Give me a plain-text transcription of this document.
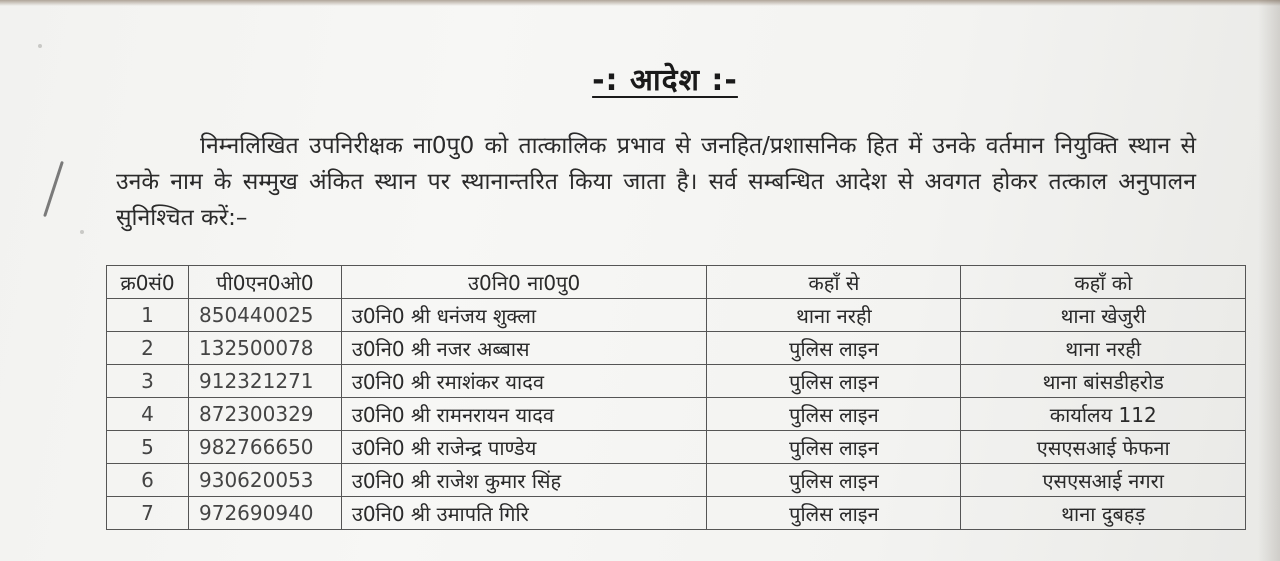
-: आदेश :-
निम्नलिखित उपनिरीक्षक ना0पु0 को तात्कालिक प्रभाव से जनहित/प्रशासनिक हित में उनके वर्तमान नियुक्ति स्थान से उनके नाम के सम्मुख अंकित स्थान पर स्थानान्तरित किया जाता है। सर्व सम्बन्धित आदेश से अवगत होकर तत्काल अनुपालन सुनिश्चित करें:–
क्र0सं0	पी0एन0ओ0	उ0नि0 ना0पु0	कहाँ से	कहाँ को
1	850440025	उ0नि0 श्री धनंजय शुक्ला	थाना नरही	थाना खेजुरी
2	132500078	उ0नि0 श्री नजर अब्बास	पुलिस लाइन	थाना नरही
3	912321271	उ0नि0 श्री रमाशंकर यादव	पुलिस लाइन	थाना बांसडीहरोड
4	872300329	उ0नि0 श्री रामनरायन यादव	पुलिस लाइन	कार्यालय 112
5	982766650	उ0नि0 श्री राजेन्द्र पाण्डेय	पुलिस लाइन	एसएसआई फेफना
6	930620053	उ0नि0 श्री राजेश कुमार सिंह	पुलिस लाइन	एसएसआई नगरा
7	972690940	उ0नि0 श्री उमापति गिरि	पुलिस लाइन	थाना दुबहड़
